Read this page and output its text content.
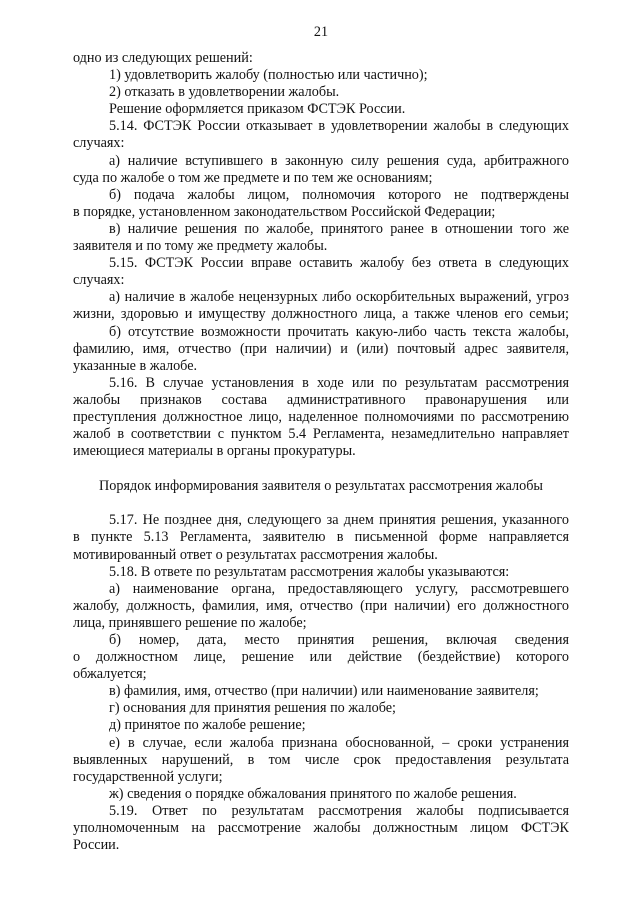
21
одно из следующих решений:
1) удовлетворить жалобу (полностью или частично);
2) отказать в удовлетворении жалобы.
Решение оформляется приказом ФСТЭК России.
5.14. ФСТЭК России отказывает в удовлетворении жалобы в следующих
случаях:
а) наличие вступившего в законную силу решения суда, арбитражного
суда по жалобе о том же предмете и по тем же основаниям;
б) подача жалобы лицом, полномочия которого не подтверждены
в порядке, установленном законодательством Российской Федерации;
в) наличие решения по жалобе, принятого ранее в отношении того же
заявителя и по тому же предмету жалобы.
5.15. ФСТЭК России вправе оставить жалобу без ответа в следующих
случаях:
а) наличие в жалобе нецензурных либо оскорбительных выражений, угроз
жизни, здоровью и имуществу должностного лица, а также членов его семьи;
б) отсутствие возможности прочитать какую-либо часть текста жалобы,
фамилию, имя, отчество (при наличии) и (или) почтовый адрес заявителя,
указанные в жалобе.
5.16. В случае установления в ходе или по результатам рассмотрения
жалобы признаков состава административного правонарушения или
преступления должностное лицо, наделенное полномочиями по рассмотрению
жалоб в соответствии с пунктом 5.4 Регламента, незамедлительно направляет
имеющиеся материалы в органы прокуратуры.
Порядок информирования заявителя о результатах рассмотрения жалобы
5.17. Не позднее дня, следующего за днем принятия решения, указанного
в пункте 5.13 Регламента, заявителю в письменной форме направляется
мотивированный ответ о результатах рассмотрения жалобы.
5.18. В ответе по результатам рассмотрения жалобы указываются:
а) наименование органа, предоставляющего услугу, рассмотревшего
жалобу, должность, фамилия, имя, отчество (при наличии) его должностного
лица, принявшего решение по жалобе;
б) номер, дата, место принятия решения, включая сведения
о должностном лице, решение или действие (бездействие) которого
обжалуется;
в) фамилия, имя, отчество (при наличии) или наименование заявителя;
г) основания для принятия решения по жалобе;
д) принятое по жалобе решение;
е) в случае, если жалоба признана обоснованной, – сроки устранения
выявленных нарушений, в том числе срок предоставления результата
государственной услуги;
ж) сведения о порядке обжалования принятого по жалобе решения.
5.19. Ответ по результатам рассмотрения жалобы подписывается
уполномоченным на рассмотрение жалобы должностным лицом ФСТЭК
России.
